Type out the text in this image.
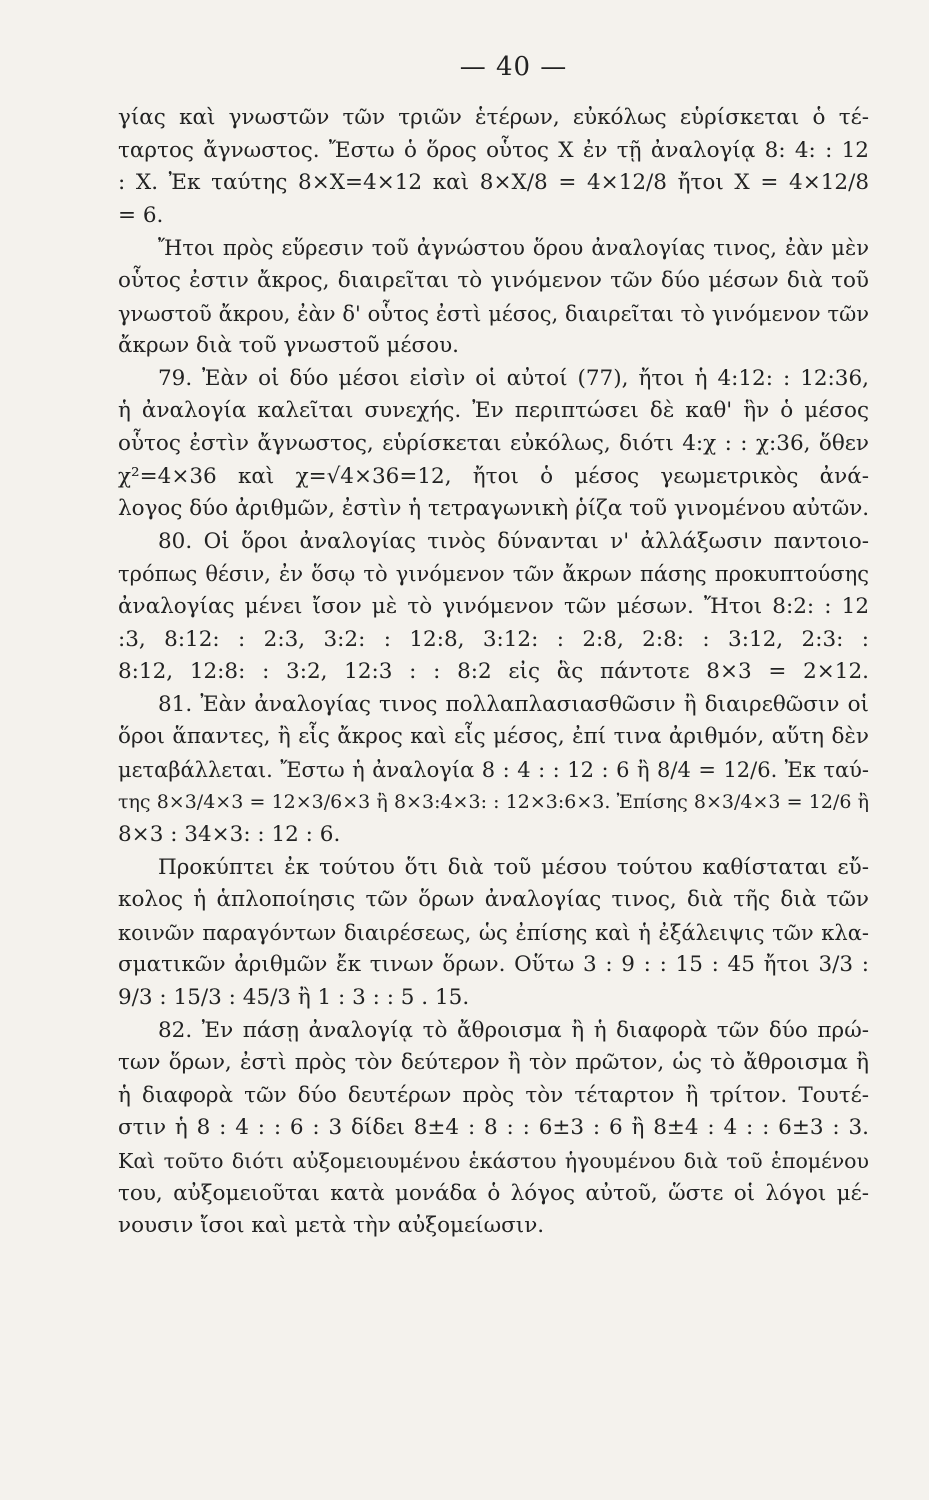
— 40 —
γίας καὶ γνωστῶν τῶν τριῶν ἑτέρων, εὐκόλως εὑρίσκεται ὁ τέ-
ταρτος ἄγνωστος. Ἔστω ὁ ὅρος οὗτος X ἐν τῇ ἀναλογίᾳ 8: 4: : 12
: X. Ἐκ ταύτης 8×X=4×12 καὶ 8×X/8 = 4×12/8 ἤτοι X = 4×12/8
= 6.
Ἤτοι πρὸς εὕρεσιν τοῦ ἀγνώστου ὅρου ἀναλογίας τινος, ἐὰν μὲν
οὗτος ἐστιν ἄκρος, διαιρεῖται τὸ γινόμενον τῶν δύο μέσων διὰ τοῦ
γνωστοῦ ἄκρου, ἐὰν δ' οὗτος ἐστὶ μέσος, διαιρεῖται τὸ γινόμενον τῶν
ἄκρων διὰ τοῦ γνωστοῦ μέσου.
79. Ἐὰν οἱ δύο μέσοι εἰσὶν οἱ αὐτοί (77), ἤτοι ἡ 4:12: : 12:36,
ἡ ἀναλογία καλεῖται συνεχής. Ἐν περιπτώσει δὲ καθ' ἣν ὁ μέσος
οὗτος ἐστὶν ἄγνωστος, εὑρίσκεται εὐκόλως, διότι 4:χ : : χ:36, ὅθεν
χ²=4×36 καὶ χ=√4×36=12, ἤτοι ὁ μέσος γεωμετρικὸς ἀνά-
λογος δύο ἀριθμῶν, ἐστὶν ἡ τετραγωνικὴ ῥίζα τοῦ γινομένου αὐτῶν.
80. Οἱ ὅροι ἀναλογίας τινὸς δύνανται ν' ἀλλάξωσιν παντοιο-
τρόπως θέσιν, ἐν ὅσῳ τὸ γινόμενον τῶν ἄκρων πάσης προκυπτούσης
ἀναλογίας μένει ἴσον μὲ τὸ γινόμενον τῶν μέσων. Ἤτοι 8:2: : 12
:3, 8:12: : 2:3, 3:2: : 12:8, 3:12: : 2:8, 2:8: : 3:12, 2:3: :
8:12, 12:8: : 3:2, 12:3 : : 8:2 εἰς ἃς πάντοτε 8×3 = 2×12.
81. Ἐὰν ἀναλογίας τινος πολλαπλασιασθῶσιν ἢ διαιρεθῶσιν οἱ
ὅροι ἅπαντες, ἢ εἷς ἄκρος καὶ εἷς μέσος, ἐπί τινα ἀριθμόν, αὕτη δὲν
μεταβάλλεται. Ἔστω ἡ ἀναλογία 8 : 4 : : 12 : 6 ἢ 8/4 = 12/6. Ἐκ ταύ-
της 8×3/4×3 = 12×3/6×3 ἢ 8×3:4×3: : 12×3:6×3. Ἐπίσης 8×3/4×3 = 12/6 ἢ
8×3 : 34×3: : 12 : 6.
Προκύπτει ἐκ τούτου ὅτι διὰ τοῦ μέσου τούτου καθίσταται εὔ-
κολος ἡ ἁπλοποίησις τῶν ὅρων ἀναλογίας τινος, διὰ τῆς διὰ τῶν
κοινῶν παραγόντων διαιρέσεως, ὡς ἐπίσης καὶ ἡ ἐξάλειψις τῶν κλα-
σματικῶν ἀριθμῶν ἔκ τινων ὅρων. Οὕτω 3 : 9 : : 15 : 45 ἤτοι 3/3 :
9/3 : 15/3 : 45/3 ἢ 1 : 3 : : 5 . 15.
82. Ἐν πάσῃ ἀναλογίᾳ τὸ ἄθροισμα ἢ ἡ διαφορὰ τῶν δύο πρώ-
των ὅρων, ἐστὶ πρὸς τὸν δεύτερον ἢ τὸν πρῶτον, ὡς τὸ ἄθροισμα ἢ
ἡ διαφορὰ τῶν δύο δευτέρων πρὸς τὸν τέταρτον ἢ τρίτον. Τουτέ-
στιν ἡ 8 : 4 : : 6 : 3 δίδει 8±4 : 8 : : 6±3 : 6 ἢ 8±4 : 4 : : 6±3 : 3.
Καὶ τοῦτο διότι αὐξομειουμένου ἑκάστου ἡγουμένου διὰ τοῦ ἑπομένου
του, αὐξομειοῦται κατὰ μονάδα ὁ λόγος αὐτοῦ, ὥστε οἱ λόγοι μέ-
νουσιν ἴσοι καὶ μετὰ τὴν αὐξομείωσιν.
